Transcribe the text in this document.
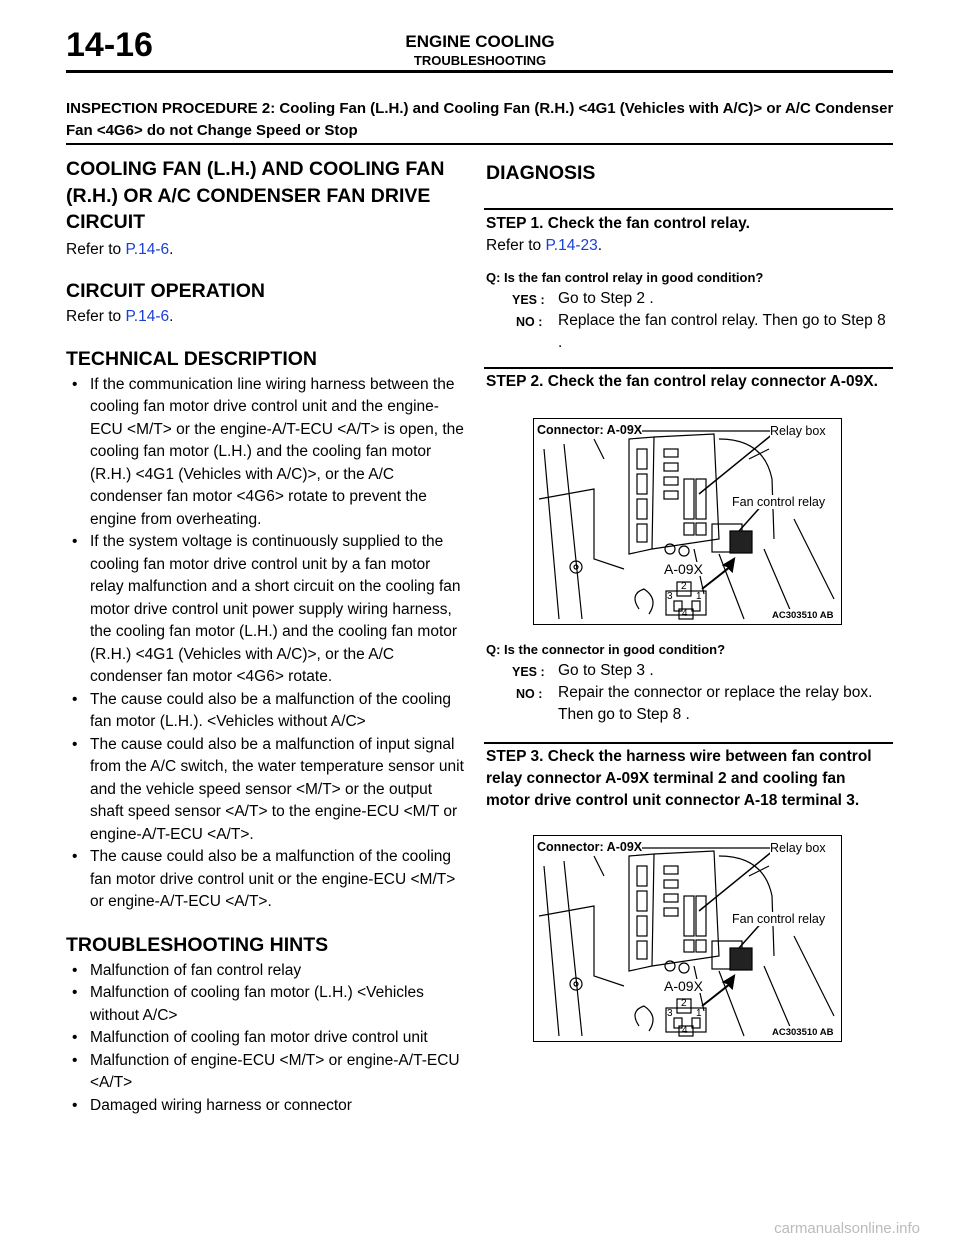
14-16	ENGINE COOLING
TROUBLESHOOTING
INSPECTION PROCEDURE 2: Cooling Fan (L.H.) and Cooling Fan (R.H.) <4G1 (Vehicles with A/C)> or A/C Condenser Fan <4G6> do not Change Speed or Stop
COOLING FAN (L.H.) AND COOLING FAN (R.H.) OR A/C CONDENSER FAN DRIVE CIRCUIT
Refer to P.14-6.
CIRCUIT OPERATION
Refer to P.14-6.
TECHNICAL DESCRIPTION
• If the communication line wiring harness between the cooling fan motor drive control unit and the engine-ECU <M/T> or the engine-A/T-ECU <A/T> is open, the cooling fan motor (L.H.) and the cooling fan motor (R.H.) <4G1 (Vehicles with A/C)>, or the A/C condenser fan motor <4G6> rotate to prevent the engine from overheating.
• If the system voltage is continuously supplied to the cooling fan motor drive control unit by a fan motor relay malfunction and a short circuit on the cooling fan motor drive control unit power supply wiring harness, the cooling fan motor (L.H.) and the cooling fan motor (R.H.) <4G1 (Vehicles with A/C)>, or the A/C condenser fan motor <4G6> rotate.
• The cause could also be a malfunction of the cooling fan motor (L.H.). <Vehicles without A/C>
• The cause could also be a malfunction of input signal from the A/C switch, the water temperature sensor unit and the vehicle speed sensor <M/T> or the output shaft speed sensor <A/T> to the engine-ECU <M/T or engine-A/T-ECU <A/T>.
• The cause could also be a malfunction of the cooling fan motor drive control unit or the engine-ECU <M/T> or engine-A/T-ECU <A/T>.
TROUBLESHOOTING HINTS
• Malfunction of fan control relay
• Malfunction of cooling fan motor (L.H.) <Vehicles without A/C>
• Malfunction of cooling fan motor drive control unit
• Malfunction of engine-ECU <M/T> or engine-A/T-ECU <A/T>
• Damaged wiring harness or connector
DIAGNOSIS
STEP 1. Check the fan control relay.
Refer to P.14-23.
Q: Is the fan control relay in good condition?
YES : Go to Step 2 .
NO : Replace the fan control relay. Then go to Step 8 .
STEP 2. Check the fan control relay connector A-09X.
Connector: A-09X	Relay box
Fan control relay
A-09X
2
3 1
4	AC303510 AB
Q: Is the connector in good condition?
YES : Go to Step 3 .
NO : Repair the connector or replace the relay box. Then go to Step 8 .
STEP 3. Check the harness wire between fan control relay connector A-09X terminal 2 and cooling fan motor drive control unit connector A-18 terminal 3.
Connector: A-09X	Relay box
Fan control relay
A-09X
2
3 1
4	AC303510 AB
carmanualsonline.info
